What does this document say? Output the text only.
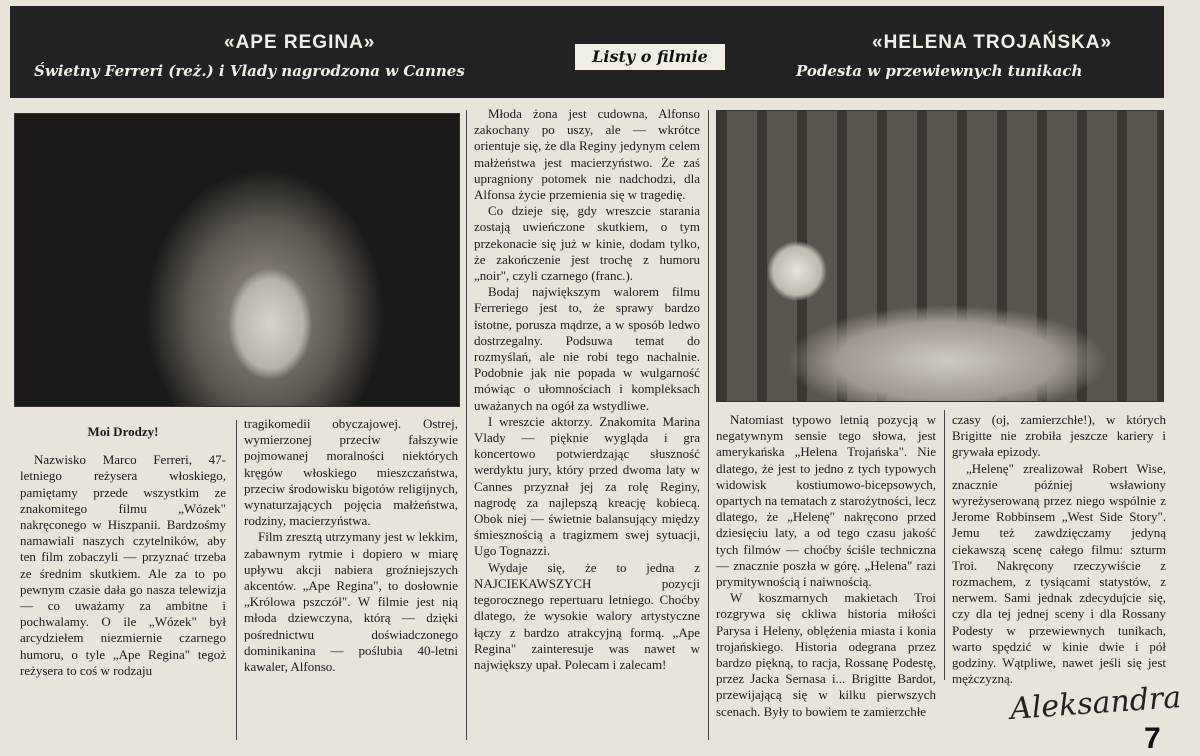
«APE REGINA»
Świetny Ferreri (reż.) i Vlady nagrodzona w Cannes
Listy o filmie
«HELENA TROJAŃSKA»
Podesta w przewiewnych tunikach

Moi Drodzy!

Nazwisko Marco Ferreri, 47-letniego reżysera włoskiego, pamiętamy przede wszystkim ze znakomitego filmu „Wózek" nakręconego w Hiszpanii. Bardzośmy namawiali naszych czytelników, aby ten film zobaczyli — przyznać trzeba ze średnim skutkiem. Ale za to po pewnym czasie dała go nasza telewizja — co uważamy za ambitne i pochwalamy. O ile „Wózek" był arcydziełem niezmiernie czarnego humoru, o tyle „Ape Regina" tegoż reżysera to coś w rodzaju

tragikomedii obyczajowej. Ostrej, wymierzonej przeciw fałszywie pojmowanej moralności niektórych kręgów włoskiego mieszczaństwa, przeciw środowisku bigotów religijnych, wynaturzających pojęcia małżeństwa, rodziny, macierzyństwa.

Film zresztą utrzymany jest w lekkim, zabawnym rytmie i dopiero w miarę upływu akcji nabiera groźniejszych akcentów. „Ape Regina", to dosłownie „Królowa pszczół". W filmie jest nią młoda dziewczyna, którą — dzięki pośrednictwu doświadczonego dominikanina — poślubia 40-letni kawaler, Alfonso.

Młoda żona jest cudowna, Alfonso zakochany po uszy, ale — wkrótce orientuje się, że dla Reginy jedynym celem małżeństwa jest macierzyństwo. Że zaś upragniony potomek nie nadchodzi, dla Alfonsa życie przemienia się w tragedię.

Co dzieje się, gdy wreszcie starania zostają uwieńczone skutkiem, o tym przekonacie się już w kinie, dodam tylko, że zakończenie jest trochę z humoru „noir", czyli czarnego (franc.).

Bodaj największym walorem filmu Ferreriego jest to, że sprawy bardzo istotne, porusza mądrze, a w sposób ledwo dostrzegalny. Podsuwa temat do rozmyślań, ale nie robi tego nachalnie. Podobnie jak nie popada w wulgarność mówiąc o ułomnościach i kompleksach uważanych na ogół za wstydliwe.

I wreszcie aktorzy. Znakomita Marina Vlady — pięknie wygląda i gra koncertowo potwierdzając słuszność werdyktu jury, który przed dwoma laty w Cannes przyznał jej za rolę Reginy, nagrodę za najlepszą kreację kobiecą. Obok niej — świetnie balansujący między śmiesznością a tragizmem swej sytuacji, Ugo Tognazzi.

Wydaje się, że to jedna z NAJCIEKAWSZYCH pozycji tegorocznego repertuaru letniego. Choćby dlatego, że wysokie walory artystyczne łączy z bardzo atrakcyjną formą. „Ape Regina" zainteresuje was nawet w największy upał. Polecam i zalecam!

Natomiast typowo letnią pozycją w negatywnym sensie tego słowa, jest amerykańska „Helena Trojańska". Nie dlatego, że jest to jedno z tych typowych widowisk kostiumowo-bicepsowych, opartych na tematach z starożytności, lecz dlatego, że „Helenę" nakręcono przed dziesięciu laty, a od tego czasu jakość tych filmów — choćby ściśle techniczna — znacznie poszła w górę. „Helena" razi prymitywnością i naiwnością.

W koszmarnych makietach Troi rozgrywa się ckliwa historia miłości Parysa i Heleny, oblężenia miasta i konia trojańskiego. Historia odegrana przez bardzo piękną, to racja, Rossanę Podestę, przez Jacka Sernasa i... Brigitte Bardot, przewijającą się w kilku pierwszych scenach. Były to bowiem te zamierzchłe

czasy (oj, zamierzchłe!), w których Brigitte nie zrobiła jeszcze kariery i grywała epizody.

„Helenę" zrealizował Robert Wise, znacznie później wsławiony wyreżyserowaną przez niego wspólnie z Jerome Robbinsem „West Side Story". Jemu też zawdzięczamy jedyną ciekawszą scenę całego filmu: szturm Troi. Nakręcony rzeczywiście z rozmachem, z tysiącami statystów, z nerwem. Sami jednak zdecydujcie się, czy dla tej jednej sceny i dla Rossany Podesty w przewiewnych tunikach, warto spędzić w kinie dwie i pół godziny. Wątpliwe, nawet jeśli się jest mężczyzną.

Aleksandra
7
